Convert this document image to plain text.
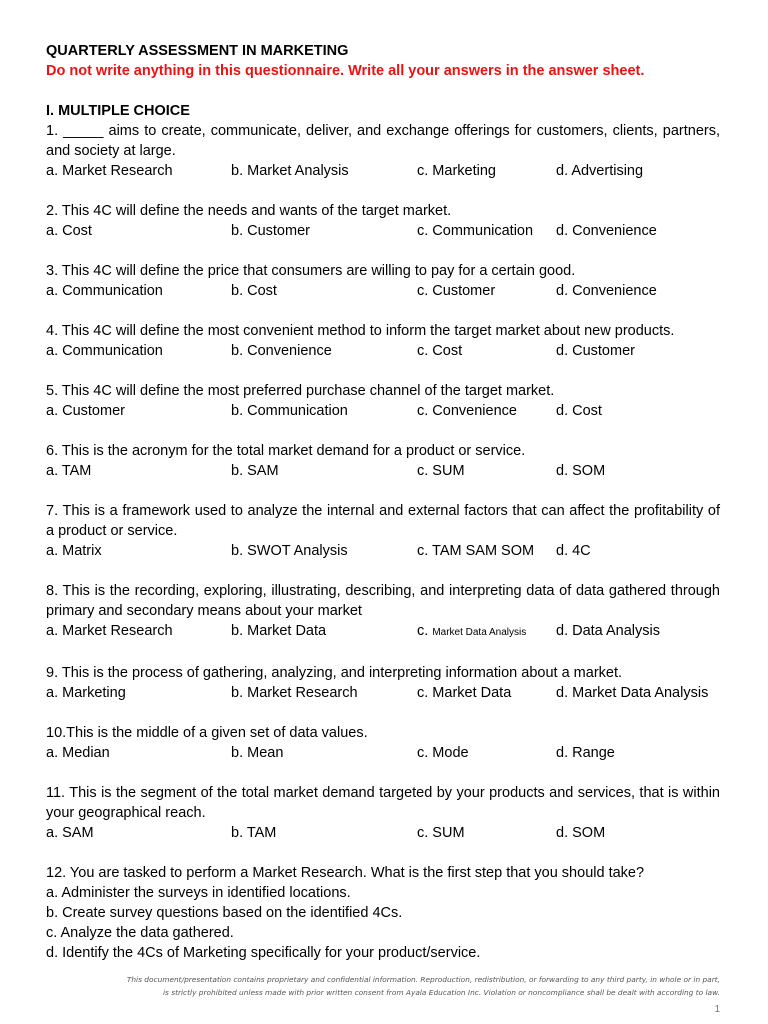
QUARTERLY ASSESSMENT IN MARKETING
Do not write anything in this questionnaire. Write all your answers in the answer sheet.
I. MULTIPLE CHOICE
1. _____ aims to create, communicate, deliver, and exchange offerings for customers, clients, partners, and society at large.
a. Market Research	b. Market Analysis	c. Marketing	d. Advertising
2. This 4C will define the needs and wants of the target market.
a. Cost	b. Customer	c. Communication	d. Convenience
3. This 4C will define the price that consumers are willing to pay for a certain good.
a. Communication	b. Cost	c. Customer	d. Convenience
4. This 4C will define the most convenient method to inform the target market about new products.
a. Communication	b. Convenience	c. Cost	d. Customer
5. This 4C will define the most preferred purchase channel of the target market.
a. Customer	b. Communication	c. Convenience	d. Cost
6. This is the acronym for the total market demand for a product or service.
a. TAM	b. SAM	c. SUM	d. SOM
7. This is a framework used to analyze the internal and external factors that can affect the profitability of a product or service.
a. Matrix	b. SWOT Analysis	c. TAM SAM SOM	d. 4C
8. This is the recording, exploring, illustrating, describing, and interpreting data of data gathered through primary and secondary means about your market
a. Market Research	b. Market Data	c. Market Data Analysis	d. Data Analysis
9. This is the process of gathering, analyzing, and interpreting information about a market.
a. Marketing	b. Market Research	c. Market Data	d. Market Data Analysis
10.This is the middle of a given set of data values.
a. Median	b. Mean	c. Mode	d. Range
11. This is the segment of the total market demand targeted by your products and services, that is within your geographical reach.
a. SAM	b. TAM	c. SUM	d. SOM
12. You are tasked to perform a Market Research. What is the first step that you should take?
a. Administer the surveys in identified locations.
b. Create survey questions based on the identified 4Cs.
c. Analyze the data gathered.
d. Identify the 4Cs of Marketing specifically for your product/service.
This document/presentation contains proprietary and confidential information. Reproduction, redistribution, or forwarding to any third party, in whole or in part,
is strictly prohibited unless made with prior written consent from Ayala Education Inc. Violation or noncompliance shall be dealt with according to law.
1
